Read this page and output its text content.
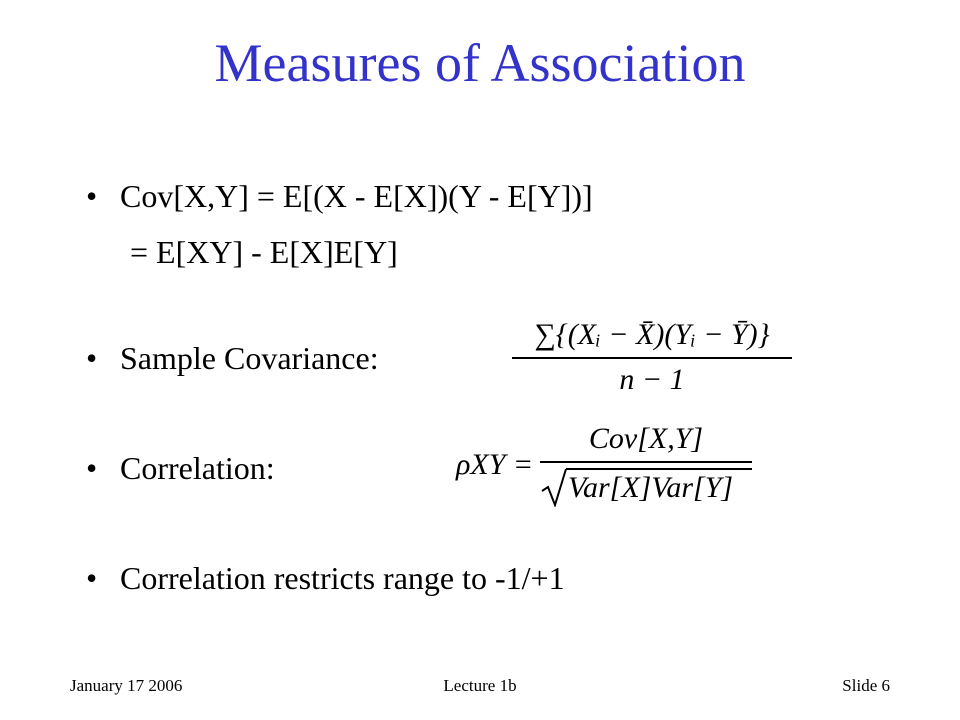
Measures of Association
• Cov[X,Y] = E[(X - E[X])(Y - E[Y])]
= E[XY] - E[X]E[Y]
• Sample Covariance:
∑{(Xᵢ − X̄)(Yᵢ − Ȳ)}
n − 1
• Correlation:	ρXY =
Cov[X,Y]
Var[X]Var[Y]
• Correlation restricts range to -1/+1
January 17 2006	Lecture 1b	Slide 6
